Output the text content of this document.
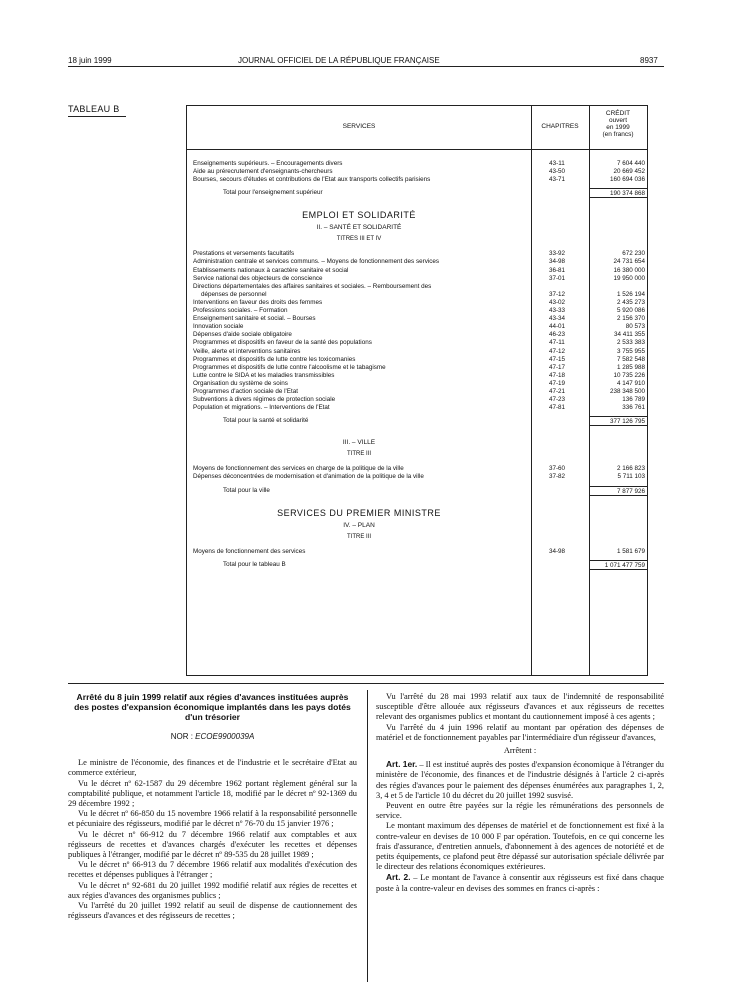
18 juin 1999	JOURNAL OFFICIEL DE LA RÉPUBLIQUE FRANÇAISE	8937
TABLEAU B
SERVICES	CHAPITRES
CRÉDIT
ouvert
en 1999
(en francs)
Enseignements supérieurs. – Encouragements divers	43-11	7 604 440
Aide au prérecrutement d'enseignants-chercheurs	43-50	20 669 452
Bourses, secours d'études et contributions de l'Etat aux transports collectifs parisiens	43-71	160 694 036
Total pour l'enseignement supérieur	190 374 868
EMPLOI ET SOLIDARITÉ
II. – SANTÉ ET SOLIDARITÉ
TITRES III ET IV
Prestations et versements facultatifs	33-92	672 230
Administration centrale et services communs. – Moyens de fonctionnement des services	34-98	24 731 654
Etablissements nationaux à caractère sanitaire et social	36-81	16 380 000
Service national des objecteurs de conscience	37-01	19 950 000
Directions départementales des affaires sanitaires et sociales. – Remboursement des
dépenses de personnel	37-12	1 526 194
Interventions en faveur des droits des femmes	43-02	2 435 273
Professions sociales. – Formation	43-33	5 920 086
Enseignement sanitaire et social. – Bourses	43-34	2 156 370
Innovation sociale	44-01	80 573
Dépenses d'aide sociale obligatoire	46-23	34 411 355
Programmes et dispositifs en faveur de la santé des populations	47-11	2 533 383
Veille, alerte et interventions sanitaires	47-12	3 755 955
Programmes et dispositifs de lutte contre les toxicomanies	47-15	7 582 548
Programmes et dispositifs de lutte contre l'alcoolisme et le tabagisme	47-17	1 285 988
Lutte contre le SIDA et les maladies transmissibles	47-18	10 735 226
Organisation du système de soins	47-19	4 147 910
Programmes d'action sociale de l'Etat	47-21	238 348 500
Subventions à divers régimes de protection sociale	47-23	136 789
Population et migrations. – Interventions de l'Etat	47-81	336 761
Total pour la santé et solidarité	377 126 795
III. – VILLE
TITRE III
Moyens de fonctionnement des services en charge de la politique de la ville	37-60	2 166 823
Dépenses déconcentrées de modernisation et d'animation de la politique de la ville	37-82	5 711 103
Total pour la ville	7 877 926
SERVICES DU PREMIER MINISTRE
IV. – PLAN
TITRE III
Moyens de fonctionnement des services	34-98	1 581 679
Total pour le tableau B	1 071 477 759
Arrêté du 8 juin 1999 relatif aux régies d'avances instituées auprès des postes d'expansion économique implantés dans les pays dotés d'un trésorier
NOR : ECOE9900039A

Le ministre de l'économie, des finances et de l'industrie et le secrétaire d'Etat au commerce extérieur,

Vu le décret nº 62-1587 du 29 décembre 1962 portant règlement général sur la comptabilité publique, et notamment l'article 18, modifié par le décret nº 92-1369 du 29 décembre 1992 ;

Vu le décret nº 66-850 du 15 novembre 1966 relatif à la responsabilité personnelle et pécuniaire des régisseurs, modifié par le décret nº 76-70 du 15 janvier 1976 ;

Vu le décret nº 66-912 du 7 décembre 1966 relatif aux comptables et aux régisseurs de recettes et d'avances chargés d'exécuter les recettes et dépenses publiques à l'étranger, modifié par le décret nº 89-535 du 28 juillet 1989 ;

Vu le décret nº 66-913 du 7 décembre 1966 relatif aux modalités d'exécution des recettes et dépenses publiques à l'étranger ;

Vu le décret nº 92-681 du 20 juillet 1992 modifié relatif aux régies de recettes et aux régies d'avances des organismes publics ;

Vu l'arrêté du 20 juillet 1992 relatif au seuil de dispense de cautionnement des régisseurs d'avances et des régisseurs de recettes ;

Vu l'arrêté du 28 mai 1993 relatif aux taux de l'indemnité de responsabilité susceptible d'être allouée aux régisseurs d'avances et aux régisseurs de recettes relevant des organismes publics et montant du cautionnement imposé à ces agents ;

Vu l'arrêté du 4 juin 1996 relatif au montant par opération des dépenses de matériel et de fonctionnement payables par l'intermédiaire d'un régisseur d'avances,

Arrêtent :

Art. 1er. – Il est institué auprès des postes d'expansion économique à l'étranger du ministère de l'économie, des finances et de l'industrie désignés à l'article 2 ci-après des régies d'avances pour le paiement des dépenses énumérées aux paragraphes 1, 2, 3, 4 et 5 de l'article 10 du décret du 20 juillet 1992 susvisé.

Peuvent en outre être payées sur la régie les rémunérations des personnels de service.

Le montant maximum des dépenses de matériel et de fonctionnement est fixé à la contre-valeur en devises de 10 000 F par opération. Toutefois, en ce qui concerne les frais d'assurance, d'entretien annuels, d'abonnement à des agences de notoriété et de petits équipements, ce plafond peut être dépassé sur autorisation spéciale délivrée par le directeur des relations économiques extérieures.

Art. 2. – Le montant de l'avance à consentir aux régisseurs est fixé dans chaque poste à la contre-valeur en devises des sommes en francs ci-après :
